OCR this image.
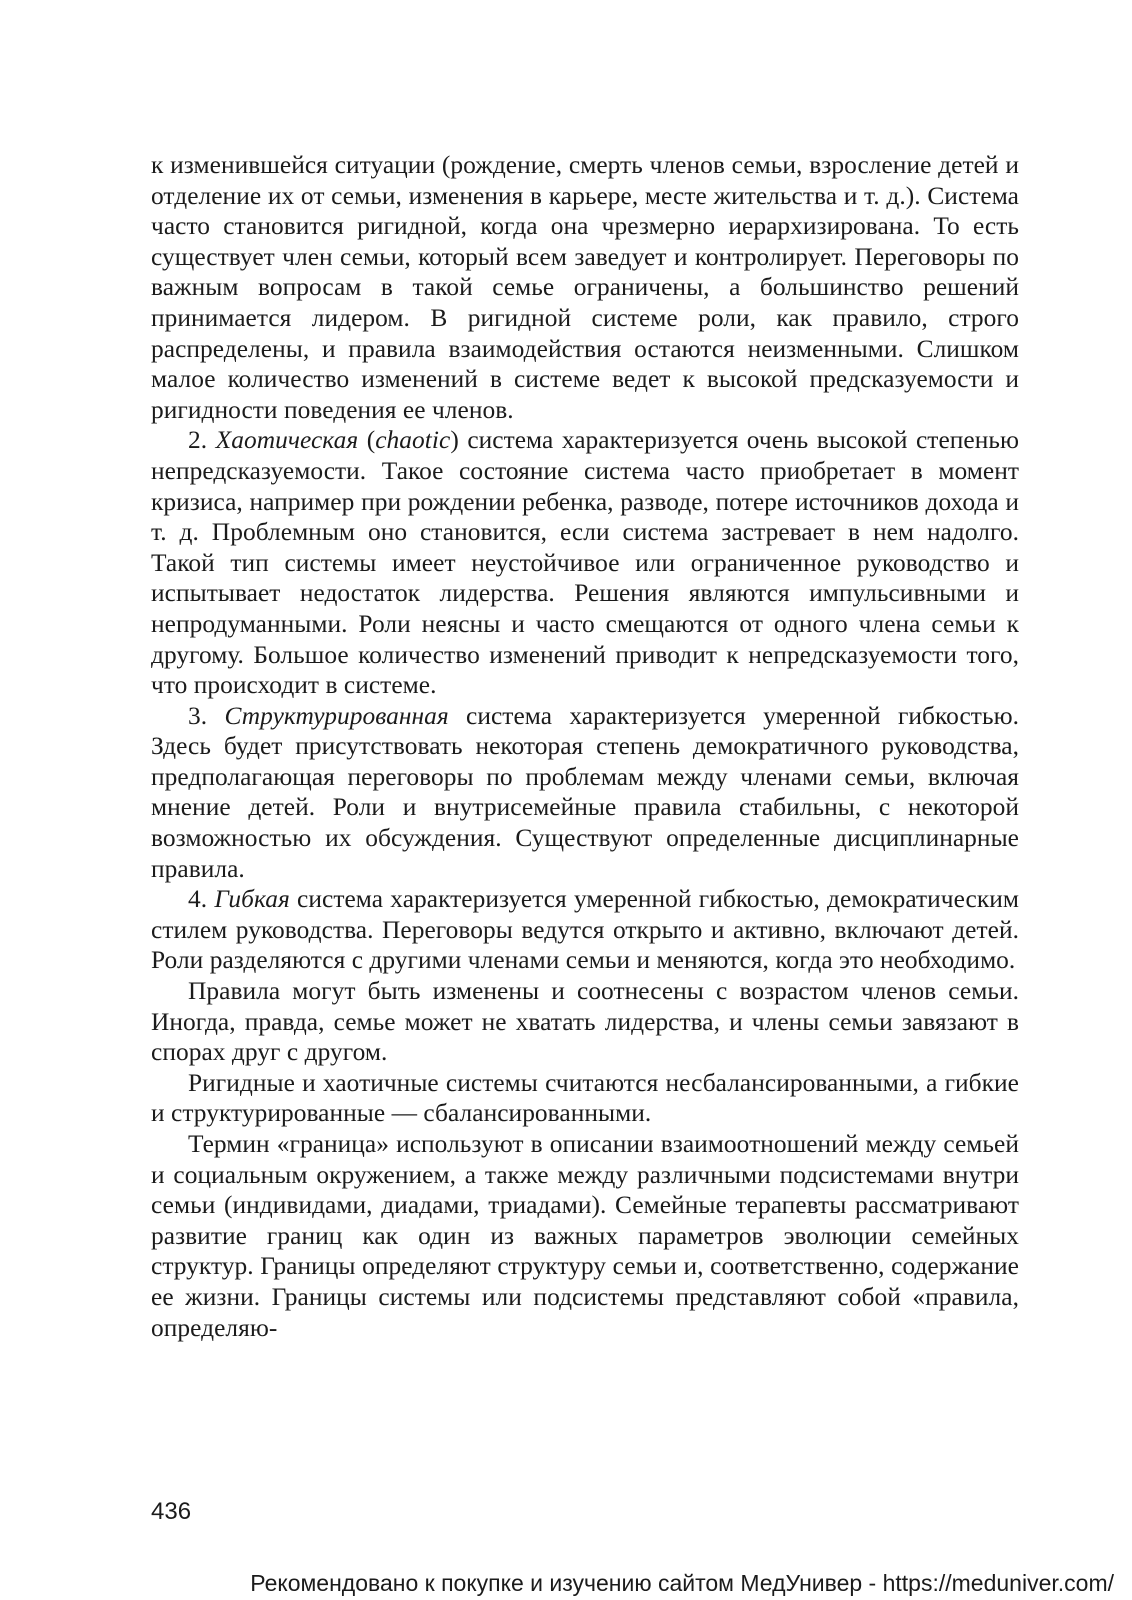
к изменившейся ситуации (рождение, смерть членов семьи, взросление детей и отделение их от семьи, изменения в карьере, месте жительства и т. д.). Система часто становится ригидной, когда она чрезмерно иерархизирована. То есть существует член семьи, который всем заведует и контролирует. Переговоры по важным вопросам в такой семье ограничены, а большинство решений принимается лидером. В ригидной системе роли, как правило, строго распределены, и правила взаимодействия остаются неизменными. Слишком малое количество изменений в системе ведет к высокой предсказуемости и ригидности поведения ее членов.

2. Хаотическая (chaotic) система характеризуется очень высокой степенью непредсказуемости. Такое состояние система часто приобретает в момент кризиса, например при рождении ребенка, разводе, потере источников дохода и т. д. Проблемным оно становится, если система застревает в нем надолго. Такой тип системы имеет неустойчивое или ограниченное руководство и испытывает недостаток лидерства. Решения являются импульсивными и непродуманными. Роли неясны и часто смещаются от одного члена семьи к другому. Большое количество изменений приводит к непредсказуемости того, что происходит в системе.

3. Структурированная система характеризуется умеренной гибкостью. Здесь будет присутствовать некоторая степень демократичного руководства, предполагающая переговоры по проблемам между членами семьи, включая мнение детей. Роли и внутрисемейные правила стабильны, с некоторой возможностью их обсуждения. Существуют определенные дисциплинарные правила.

4. Гибкая система характеризуется умеренной гибкостью, демократическим стилем руководства. Переговоры ведутся открыто и активно, включают детей. Роли разделяются с другими членами семьи и меняются, когда это необходимо.

Правила могут быть изменены и соотнесены с возрастом членов семьи. Иногда, правда, семье может не хватать лидерства, и члены семьи завязают в спорах друг с другом.

Ригидные и хаотичные системы считаются несбалансированными, а гибкие и структурированные — сбалансированными.

Термин «граница» используют в описании взаимоотношений между семьей и социальным окружением, а также между различными подсистемами внутри семьи (индивидами, диадами, триадами). Семейные терапевты рассматривают развитие границ как один из важных параметров эволюции семейных структур. Границы определяют структуру семьи и, соответственно, содержание ее жизни. Границы системы или подсистемы представляют собой «правила, определяю-

436
Рекомендовано к покупке и изучению сайтом МедУнивер - https://meduniver.com/
